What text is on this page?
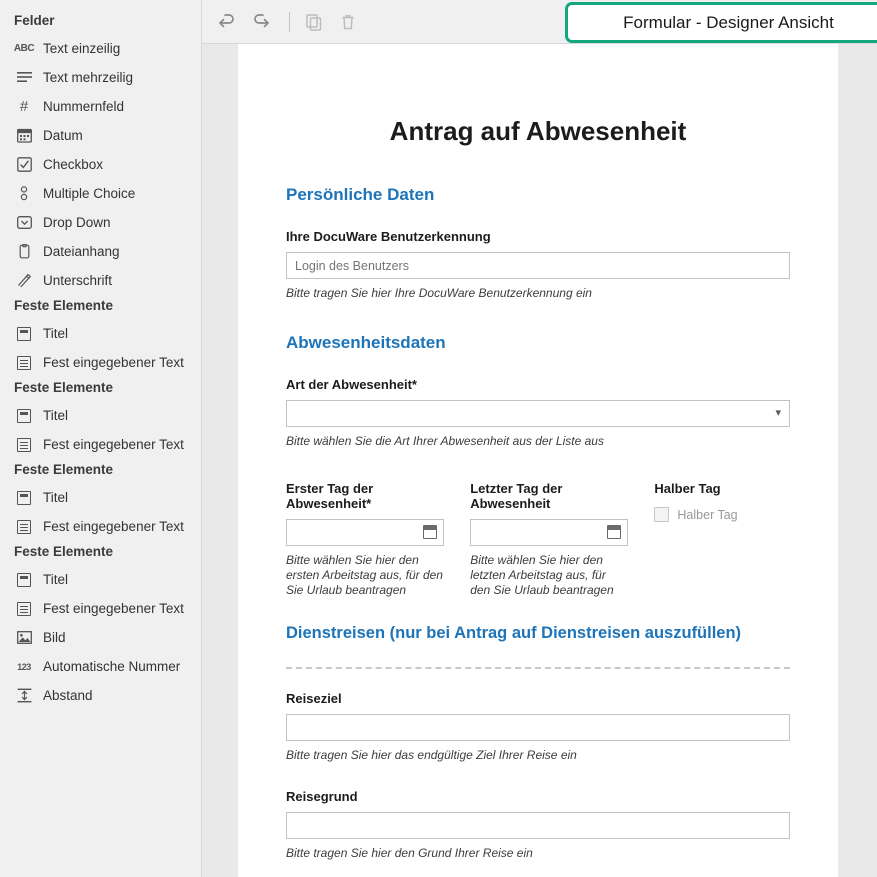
Felder
ABC Text einzeilig
Text mehrzeilig
#	Nummernfeld
Datum
Checkbox
Multiple Choice
Drop Down
Dateianhang
Unterschrift
Feste Elemente
Titel
Fest eingegebener Text
Feste Elemente
Titel
Fest eingegebener Text
Feste Elemente
Titel
Fest eingegebener Text
Feste Elemente
Titel
Fest eingegebener Text
Bild
123 Automatische Nummer
Abstand
Formular - Designer Ansicht
Antrag auf Abwesenheit
Persönliche Daten
Ihre DocuWare Benutzerkennung
Login des Benutzers
Bitte tragen Sie hier Ihre DocuWare Benutzerkennung ein
Abwesenheitsdaten
Art der Abwesenheit*
▾
Bitte wählen Sie die Art Ihrer Abwesenheit aus der Liste aus
Erster Tag der Abwesenheit*
Bitte wählen Sie hier den ersten Arbeitstag aus, für den Sie Urlaub beantragen
Letzter Tag der Abwesenheit
Bitte wählen Sie hier den letzten Arbeitstag aus, für den Sie Urlaub beantragen
Halber Tag
Halber Tag
Dienstreisen (nur bei Antrag auf Dienstreisen auszufüllen)
Reiseziel
Bitte tragen Sie hier das endgültige Ziel Ihrer Reise ein
Reisegrund
Bitte tragen Sie hier den Grund Ihrer Reise ein
